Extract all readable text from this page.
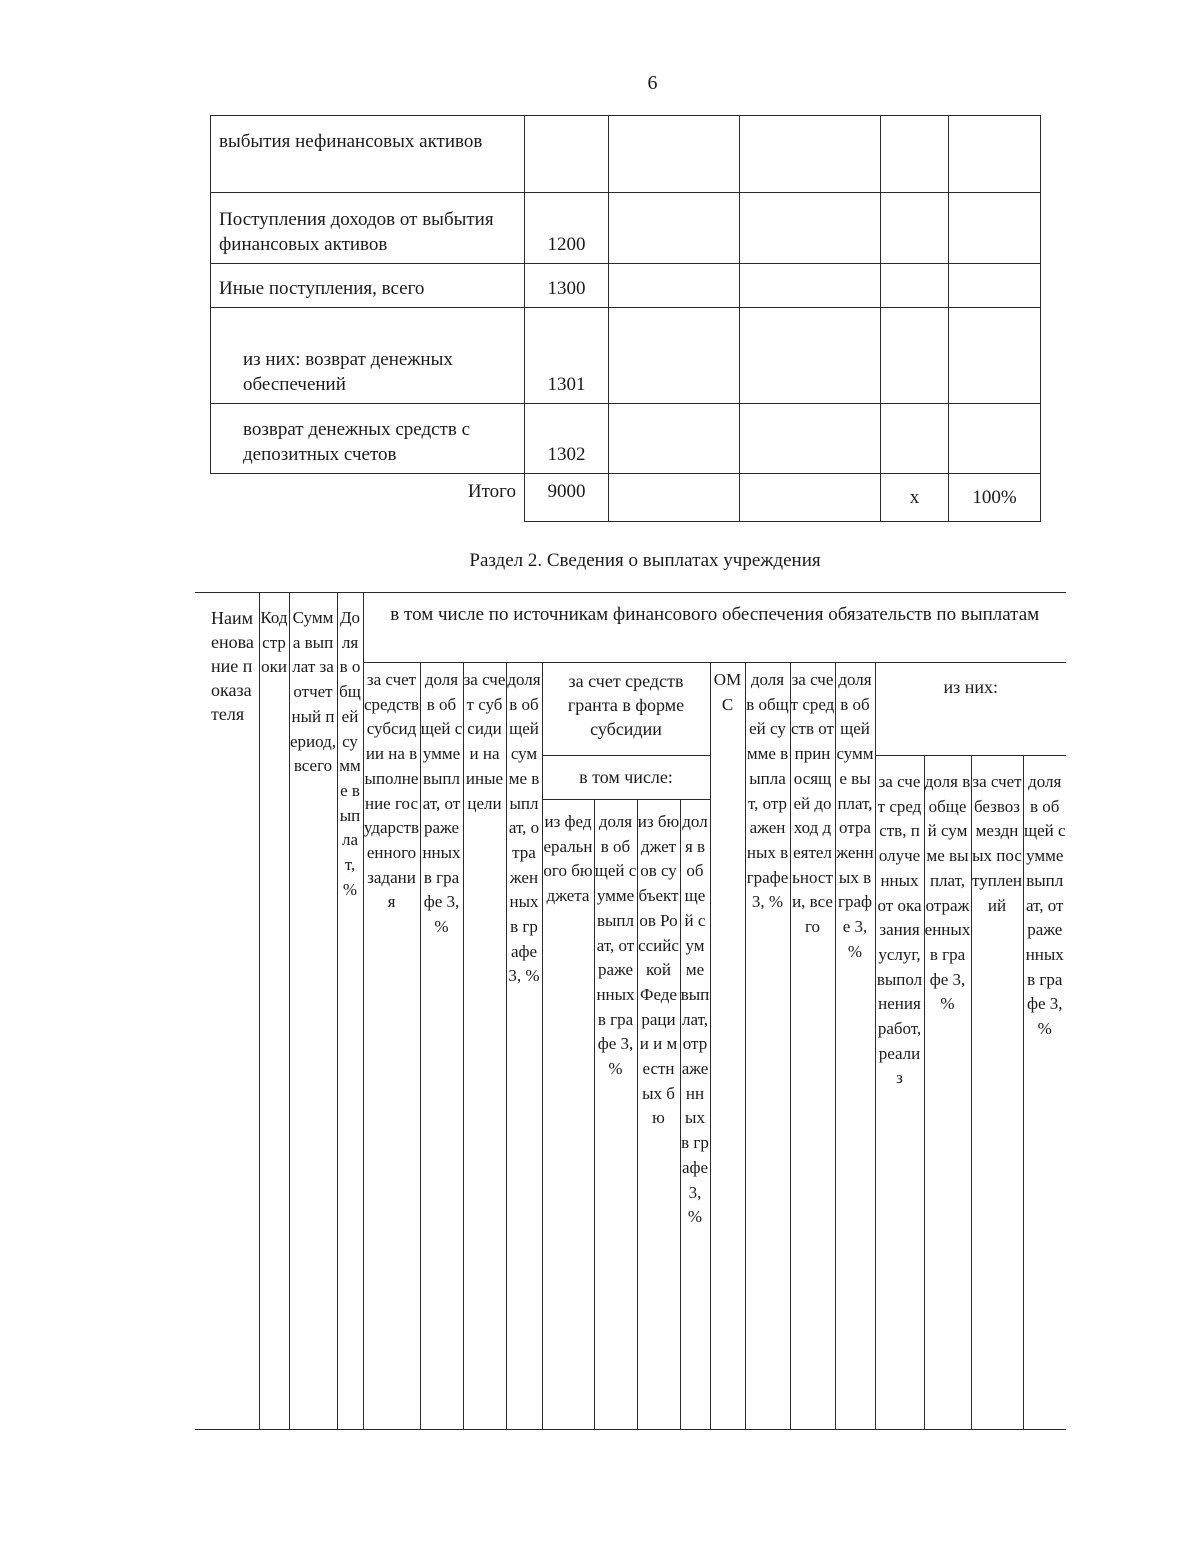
6
выбытия нефинансовых активов					
Поступления доходов от выбытия финансовых активов	1200				
Иные поступления, всего	1300				
из них: возврат денежных обеспечений	1301				
возврат денежных средств с депозитных счетов	1302				
Итого	9000			x	100%
Раздел 2. Сведения о выплатах учреждения
Наименование показателя	Код строки	Сумма выплат за отчетный период, всего	Доля в общей сумме выплат, %	в том числе по источникам финансового обеспечения обязательств по выплатам															
				за счет средств субсидии на выполнение государственного задания	доля в общей сумме выплат, отраженных в графе 3, %	за счет субсидии на иные цели	доля в общей сумме выплат, отраженных в графе 3, %	за счет средств гранта в форме субсидии				ОМС	доля в общей сумме выплат, отраженных в графе 3, %	за счет средств от приносящей доход деятельности, всего	доля в общей сумме выплат, отраженных в графе 3, %	из них:			
								в том числе:								за счет средств, полученных от оказания услуг, выполнения работ, реализ	доля в общей сумме выплат, отраженных в графе 3, %	за счет безвозмездных поступлений	доля в общей сумме выплат, отраженных в графе 3, %
								из федерального бюджета	доля в общей сумме выплат, отраженных в графе 3, %	из бюджетов субъектов Российской Федерации и местных бю	доля в общей сумме выплат, отраженных в графе 3, %								
